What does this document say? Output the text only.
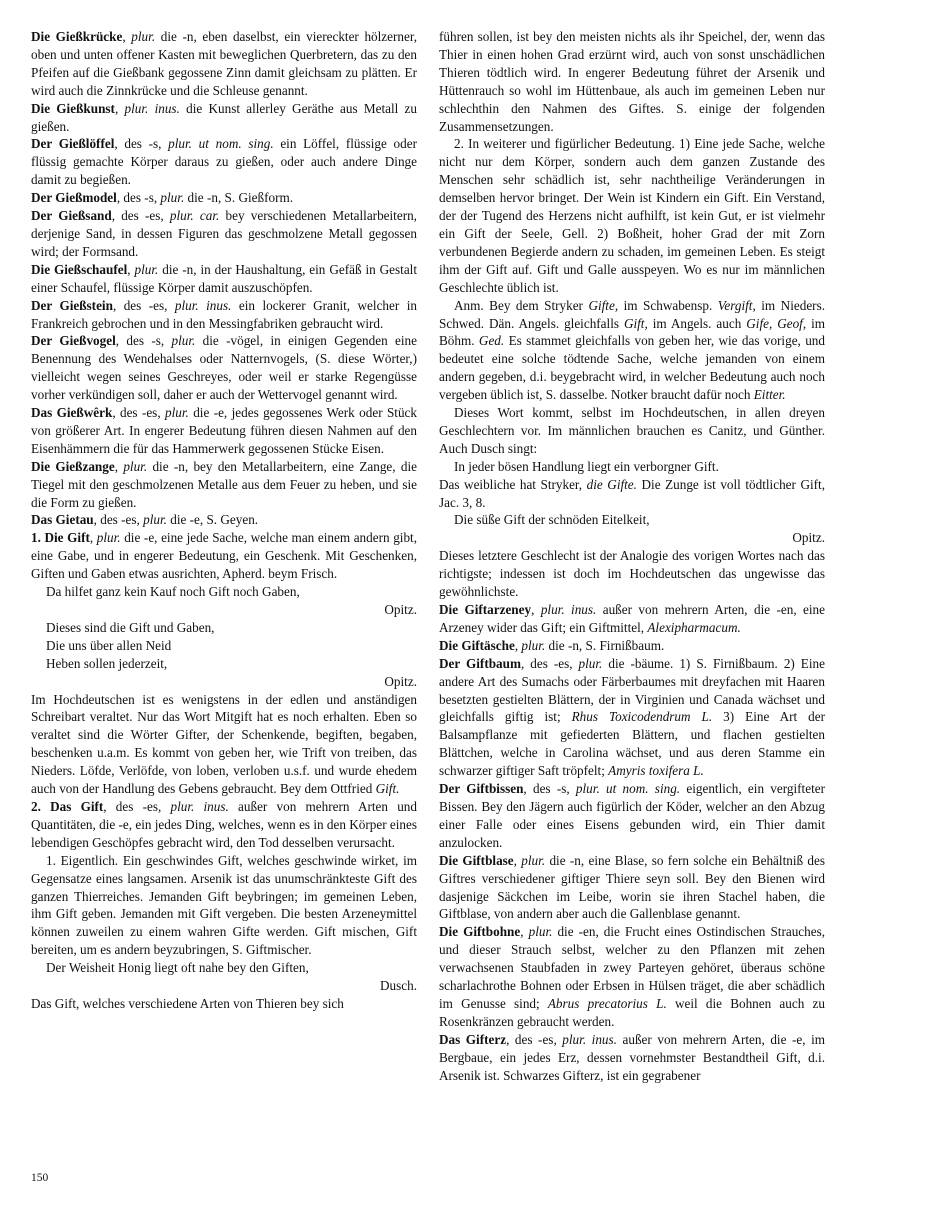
Die Gießkrücke, plur. die -n, eben daselbst, ein viereckter hölzerner, oben und unten offener Kasten mit beweglichen Querbretern, das zu den Pfeifen auf die Gießbank gegossene Zinn damit gleichsam zu plätten. Er wird auch die Zinnkrücke und die Schleuse genannt.

Die Gießkunst, plur. inus. die Kunst allerley Geräthe aus Metall zu gießen.

Der Gießlöffel, des -s, plur. ut nom. sing. ein Löffel, flüssige oder flüssig gemachte Körper daraus zu gießen, oder auch andere Dinge damit zu begießen.

Der Gießmodel, des -s, plur. die -n, S. Gießform.

Der Gießsand, des -es, plur. car. bey verschiedenen Metallarbeitern, derjenige Sand, in dessen Figuren das geschmolzene Metall gegossen wird; der Formsand.

Die Gießschaufel, plur. die -n, in der Haushaltung, ein Gefäß in Gestalt einer Schaufel, flüssige Körper damit auszuschöpfen.

Der Gießstein, des -es, plur. inus. ein lockerer Granit, welcher in Frankreich gebrochen und in den Messingfabriken gebraucht wird.

Der Gießvogel, des -s, plur. die -vögel, in einigen Gegenden eine Benennung des Wendehalses oder Natternvogels, (S. diese Wörter,) vielleicht wegen seines Geschreyes, oder weil er starke Regengüsse vorher verkündigen soll, daher er auch der Wettervogel genannt wird.

Das Gießwêrk, des -es, plur. die -e, jedes gegossenes Werk oder Stück von größerer Art. In engerer Bedeutung führen diesen Nahmen auf den Eisenhämmern die für das Hammerwerk gegossenen Stücke Eisen.

Die Gießzange, plur. die -n, bey den Metallarbeitern, eine Zange, die Tiegel mit den geschmolzenen Metalle aus dem Feuer zu heben, und sie die Form zu gießen.

Das Gietau, des -es, plur. die -e, S. Geyen.

1. Die Gift, plur. die -e, eine jede Sache, welche man einem andern gibt, eine Gabe, und in engerer Bedeutung, ein Geschenk. Mit Geschenken, Giften und Gaben etwas ausrichten, Apherd. beym Frisch.

Da hilfet ganz kein Kauf noch Gift noch Gaben,

Opitz.

Dieses sind die Gift und Gaben,

Die uns über allen Neid

Heben sollen jederzeit,

Opitz.

Im Hochdeutschen ist es wenigstens in der edlen und anständigen Schreibart veraltet. Nur das Wort Mitgift hat es noch erhalten. Eben so veraltet sind die Wörter Gifter, der Schenkende, begiften, begaben, beschenken u.a.m. Es kommt von geben her, wie Trift von treiben, das Nieders. Löfde, Verlöfde, von loben, verloben u.s.f. und wurde ehedem auch von der Handlung des Gebens gebraucht. Bey dem Ottfried Gift.

2. Das Gift, des -es, plur. inus. außer von mehrern Arten und Quantitäten, die -e, ein jedes Ding, welches, wenn es in den Körper eines lebendigen Geschöpfes gebracht wird, den Tod desselben verursacht.

1. Eigentlich. Ein geschwindes Gift, welches geschwinde wirket, im Gegensatze eines langsamen. Arsenik ist das unumschränkteste Gift des ganzen Thierreiches. Jemanden Gift beybringen; im gemeinen Leben, ihm Gift geben. Jemanden mit Gift vergeben. Die besten Arzeneymittel können zuweilen zu einem wahren Gifte werden. Gift mischen, Gift bereiten, um es andern beyzubringen, S. Giftmischer.

Der Weisheit Honig liegt oft nahe bey den Giften,

Dusch.

Das Gift, welches verschiedene Arten von Thieren bey sich

führen sollen, ist bey den meisten nichts als ihr Speichel, der, wenn das Thier in einen hohen Grad erzürnt wird, auch von sonst unschädlichen Thieren tödtlich wird. In engerer Bedeutung führet der Arsenik und Hüttenrauch so wohl im Hüttenbaue, als auch im gemeinen Leben nur schlechthin den Nahmen des Giftes. S. einige der folgenden Zusammensetzungen.

2. In weiterer und figürlicher Bedeutung. 1) Eine jede Sache, welche nicht nur dem Körper, sondern auch dem ganzen Zustande des Menschen sehr schädlich ist, sehr nachtheilige Veränderungen in demselben hervor bringet. Der Wein ist Kindern ein Gift. Ein Verstand, der der Tugend des Herzens nicht aufhilft, ist kein Gut, er ist vielmehr ein Gift der Seele, Gell. 2) Boßheit, hoher Grad der mit Zorn verbundenen Begierde andern zu schaden, im gemeinen Leben. Es steigt ihm der Gift auf. Gift und Galle ausspeyen. Wo es nur im männlichen Geschlechte üblich ist.

Anm. Bey dem Stryker Gifte, im Schwabensp. Vergift, im Nieders. Schwed. Dän. Angels. gleichfalls Gift, im Angels. auch Gife, Geof, im Böhm. Ged. Es stammet gleichfalls von geben her, wie das vorige, und bedeutet eine solche tödtende Sache, welche jemanden von einem andern gegeben, d.i. beygebracht wird, in welcher Bedeutung auch noch vergeben üblich ist, S. dasselbe. Notker braucht dafür noch Eitter.

Dieses Wort kommt, selbst im Hochdeutschen, in allen dreyen Geschlechtern vor. Im männlichen brauchen es Canitz, und Günther. Auch Dusch singt:

In jeder bösen Handlung liegt ein verborgner Gift.

Das weibliche hat Stryker, die Gifte. Die Zunge ist voll tödtlicher Gift, Jac. 3, 8.

Die süße Gift der schnöden Eitelkeit,

Opitz.

Dieses letztere Geschlecht ist der Analogie des vorigen Wortes nach das richtigste; indessen ist doch im Hochdeutschen das ungewisse das gewöhnlichste.

Die Giftarzeney, plur. inus. außer von mehrern Arten, die -en, eine Arzeney wider das Gift; ein Giftmittel, Alexipharmacum.

Die Giftäsche, plur. die -n, S. Firnißbaum.

Der Giftbaum, des -es, plur. die -bäume. 1) S. Firnißbaum. 2) Eine andere Art des Sumachs oder Färberbaumes mit dreyfachen mit Haaren besetzten gestielten Blättern, der in Virginien und Canada wächset und gleichfalls giftig ist; Rhus Toxicodendrum L. 3) Eine Art der Balsampflanze mit gefiederten Blättern, und flachen gestielten Blättchen, welche in Carolina wächset, und aus deren Stamme ein schwarzer giftiger Saft tröpfelt; Amyris toxifera L.

Der Giftbissen, des -s, plur. ut nom. sing. eigentlich, ein vergifteter Bissen. Bey den Jägern auch figürlich der Köder, welcher an den Abzug einer Falle oder eines Eisens gebunden wird, ein Thier damit anzulocken.

Die Giftblase, plur. die -n, eine Blase, so fern solche ein Behältniß des Giftres verschiedener giftiger Thiere seyn soll. Bey den Bienen wird dasjenige Säckchen im Leibe, worin sie ihren Stachel haben, die Giftblase, von andern aber auch die Gallenblase genannt.

Die Giftbohne, plur. die -en, die Frucht eines Ostindischen Strauches, und dieser Strauch selbst, welcher zu den Pflanzen mit zehen verwachsenen Staubfaden in zwey Parteyen gehöret, überaus schöne scharlachrothe Bohnen oder Erbsen in Hülsen träget, die aber schädlich im Genusse sind; Abrus precatorius L. weil die Bohnen auch zu Rosenkränzen gebraucht werden.

Das Gifterz, des -es, plur. inus. außer von mehrern Arten, die -e, im Bergbaue, ein jedes Erz, dessen vornehmster Bestandtheil Gift, d.i. Arsenik ist. Schwarzes Gifterz, ist ein gegrabener

150
